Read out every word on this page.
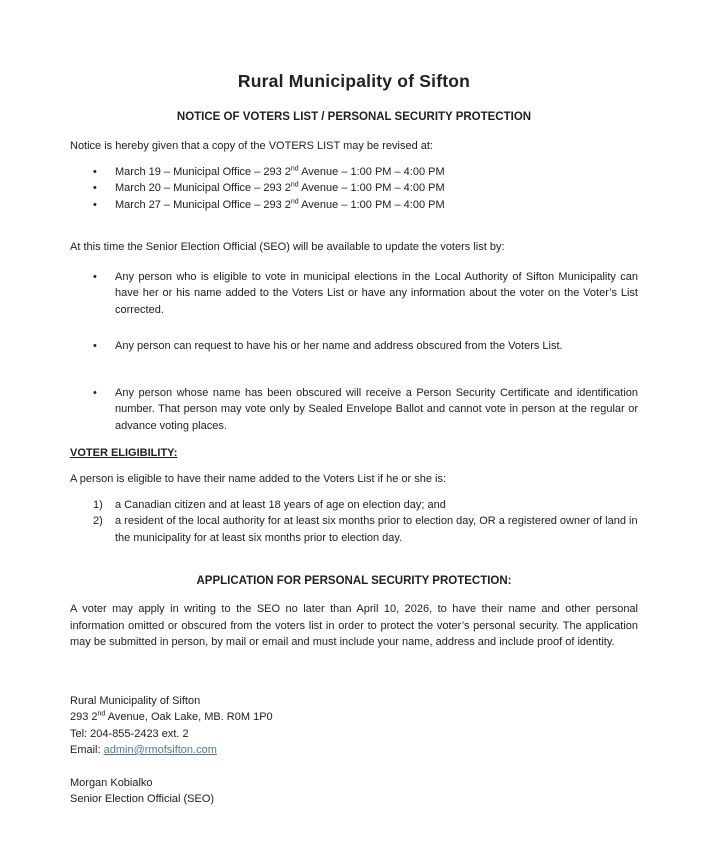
Rural Municipality of Sifton
NOTICE OF VOTERS LIST / PERSONAL SECURITY PROTECTION

Notice is hereby given that a copy of the VOTERS LIST may be revised at:

• March 19 – Municipal Office – 293 2nd Avenue – 1:00 PM – 4:00 PM
• March 20 – Municipal Office – 293 2nd Avenue – 1:00 PM – 4:00 PM
• March 27 – Municipal Office – 293 2nd Avenue – 1:00 PM – 4:00 PM

At this time the Senior Election Official (SEO) will be available to update the voters list by:

• Any person who is eligible to vote in municipal elections in the Local Authority of Sifton Municipality can have her or his name added to the Voters List or have any information about the voter on the Voter’s List corrected.
• Any person can request to have his or her name and address obscured from the Voters List.
• Any person whose name has been obscured will receive a Person Security Certificate and identification number. That person may vote only by Sealed Envelope Ballot and cannot vote in person at the regular or advance voting places.
VOTER ELIGIBILITY:

A person is eligible to have their name added to the Voters List if he or she is:

1) a Canadian citizen and at least 18 years of age on election day; and
2) a resident of the local authority for at least six months prior to election day, OR a registered owner of land in the municipality for at least six months prior to election day.
APPLICATION FOR PERSONAL SECURITY PROTECTION:

A voter may apply in writing to the SEO no later than April 10, 2026, to have their name and other personal information omitted or obscured from the voters list in order to protect the voter’s personal security. The application may be submitted in person, by mail or email and must include your name, address and include proof of identity.

Rural Municipality of Sifton

293 2nd Avenue, Oak Lake, MB. R0M 1P0

Tel: 204-855-2423 ext. 2

Email: admin@rmofsifton.com

Morgan Kobialko

Senior Election Official (SEO)
